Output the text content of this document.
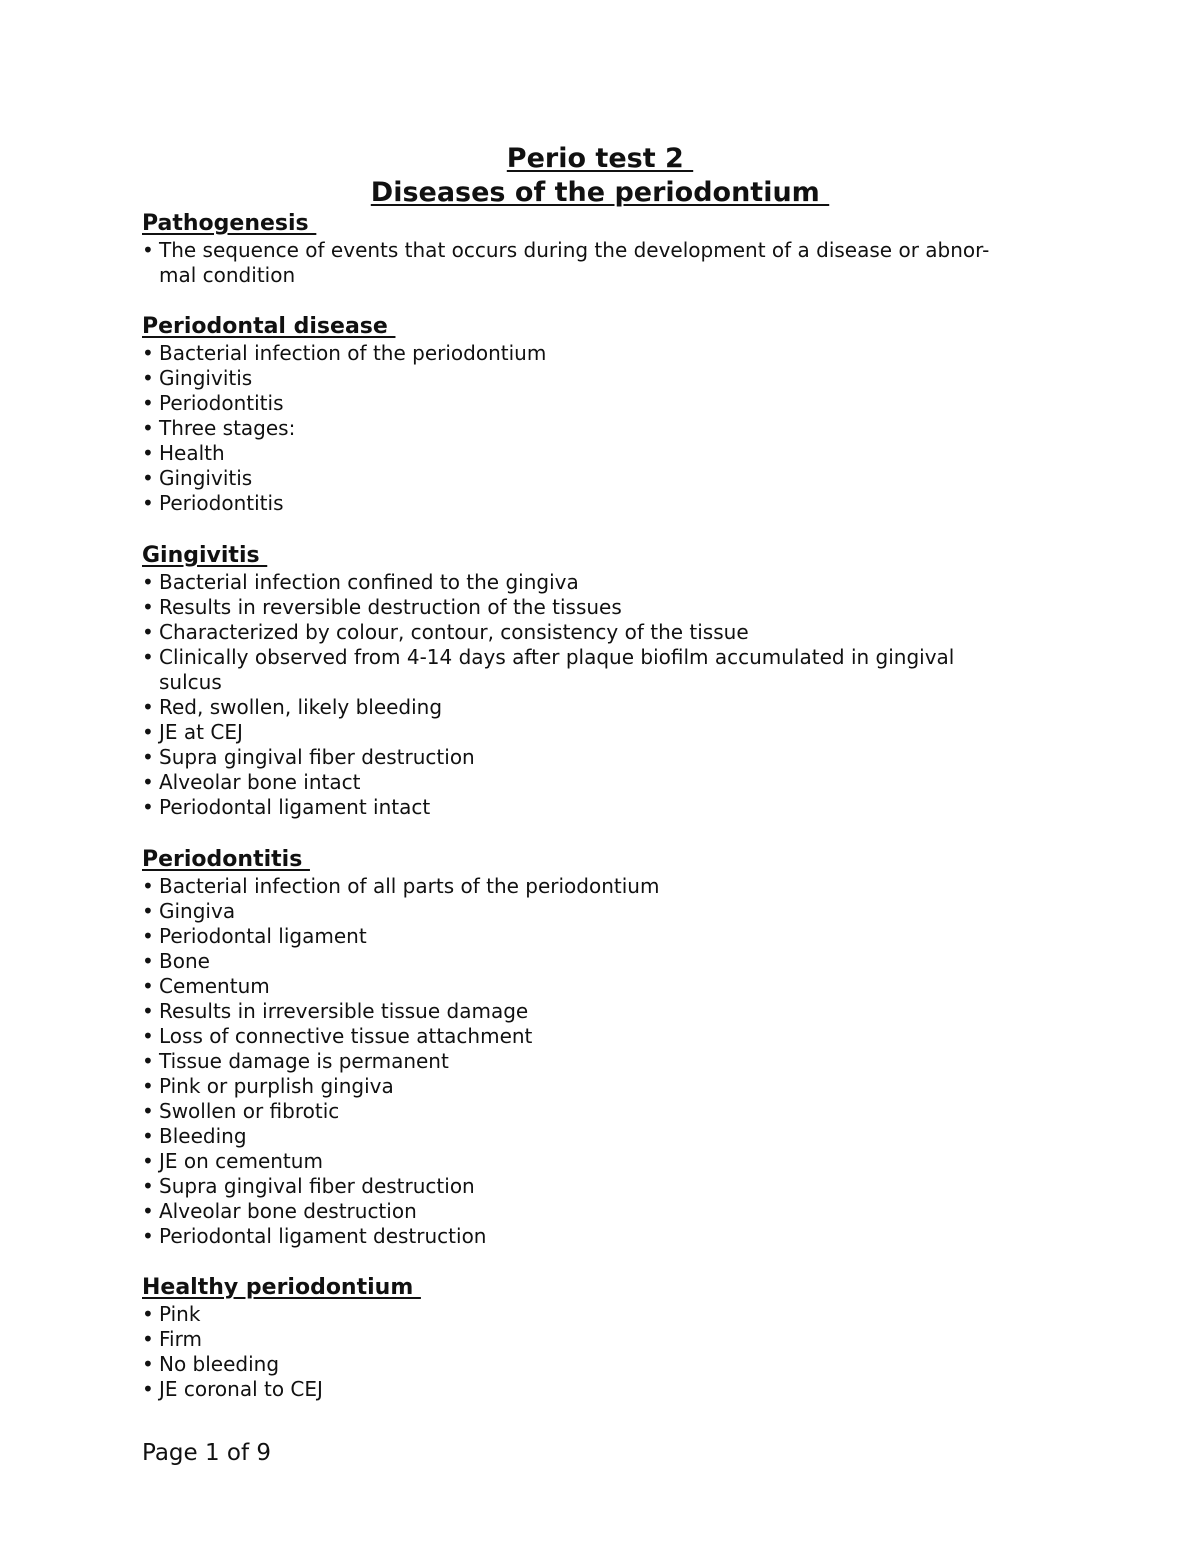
Perio test 2
Diseases of the periodontium
Pathogenesis
• The sequence of events that occurs during the development of a disease or abnor-
mal condition
Periodontal disease
• Bacterial infection of the periodontium
• Gingivitis
• Periodontitis
• Three stages:
• Health
• Gingivitis
• Periodontitis
Gingivitis
• Bacterial infection confined to the gingiva
• Results in reversible destruction of the tissues
• Characterized by colour, contour, consistency of the tissue
• Clinically observed from 4-14 days after plaque biofilm accumulated in gingival
sulcus
• Red, swollen, likely bleeding
• JE at CEJ
• Supra gingival fiber destruction
• Alveolar bone intact
• Periodontal ligament intact
Periodontitis
• Bacterial infection of all parts of the periodontium
• Gingiva
• Periodontal ligament
• Bone
• Cementum
• Results in irreversible tissue damage
• Loss of connective tissue attachment
• Tissue damage is permanent
• Pink or purplish gingiva
• Swollen or fibrotic
• Bleeding
• JE on cementum
• Supra gingival fiber destruction
• Alveolar bone destruction
• Periodontal ligament destruction
Healthy periodontium
• Pink
• Firm
• No bleeding
• JE coronal to CEJ

Page 1 of 9
